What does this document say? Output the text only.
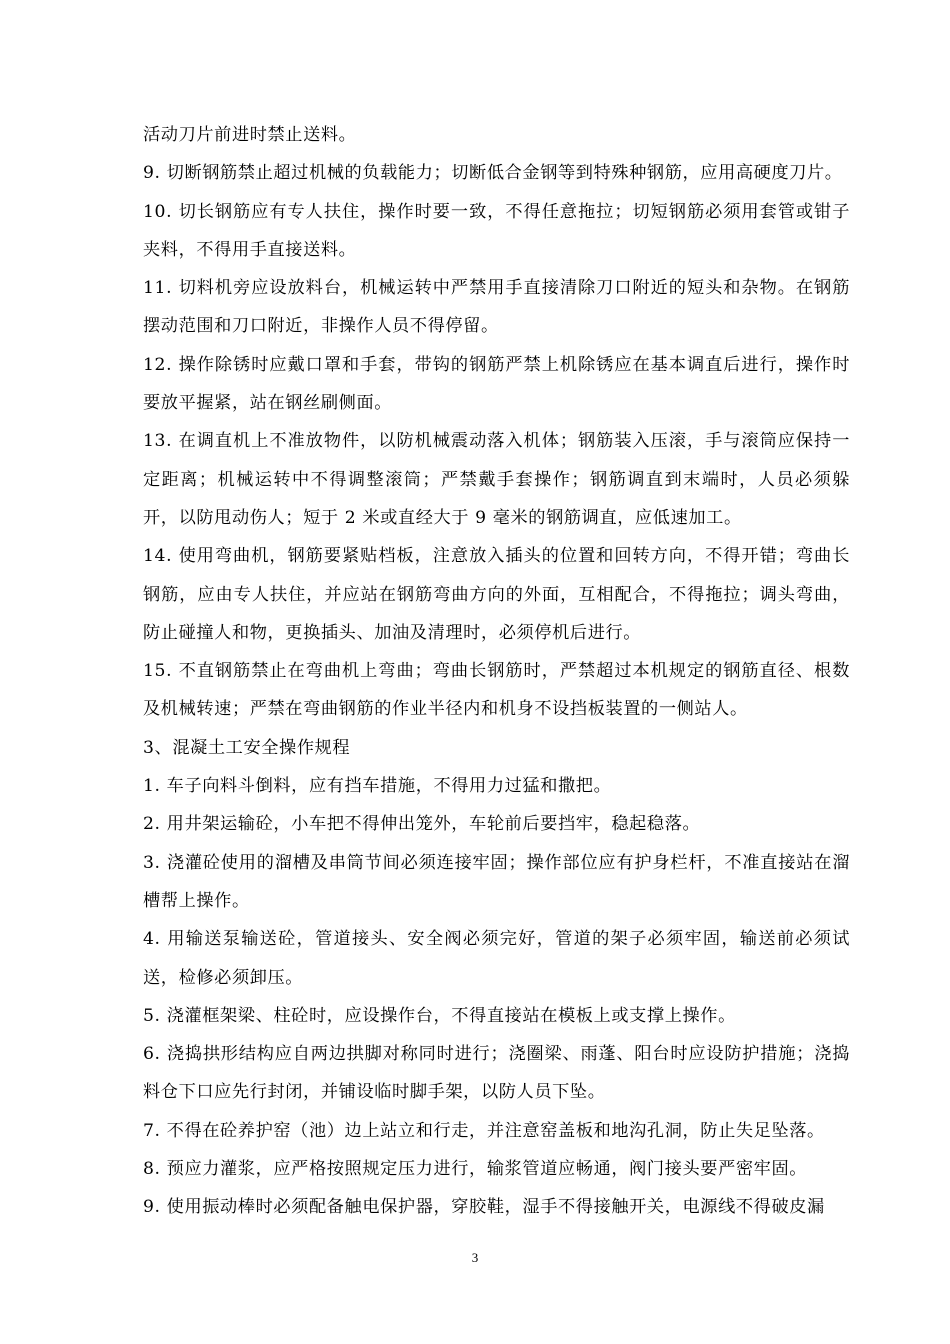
活动刀片前进时禁止送料。

9. 切断钢筋禁止超过机械的负载能力；切断低合金钢等到特殊种钢筋，应用高硬度刀片。

10. 切长钢筋应有专人扶住，操作时要一致，不得任意拖拉；切短钢筋必须用套管或钳子夹料，不得用手直接送料。

11. 切料机旁应设放料台，机械运转中严禁用手直接清除刀口附近的短头和杂物。在钢筋摆动范围和刀口附近，非操作人员不得停留。

12. 操作除锈时应戴口罩和手套，带钩的钢筋严禁上机除锈应在基本调直后进行，操作时要放平握紧，站在钢丝刷侧面。

13. 在调直机上不准放物件，以防机械震动落入机体；钢筋装入压滚，手与滚筒应保持一定距离；机械运转中不得调整滚筒；严禁戴手套操作；钢筋调直到末端时，人员必须躲开，以防甩动伤人；短于 2 米或直经大于 9 毫米的钢筋调直，应低速加工。

14. 使用弯曲机，钢筋要紧贴档板，注意放入插头的位置和回转方向，不得开错；弯曲长钢筋，应由专人扶住，并应站在钢筋弯曲方向的外面，互相配合，不得拖拉；调头弯曲，防止碰撞人和物，更换插头、加油及清理时，必须停机后进行。

15. 不直钢筋禁止在弯曲机上弯曲；弯曲长钢筋时，严禁超过本机规定的钢筋直径、根数及机械转速；严禁在弯曲钢筋的作业半径内和机身不设挡板装置的一侧站人。

3、混凝土工安全操作规程

1. 车子向料斗倒料，应有挡车措施，不得用力过猛和撒把。

2. 用井架运输砼，小车把不得伸出笼外，车轮前后要挡牢，稳起稳落。

3. 浇灌砼使用的溜槽及串筒节间必须连接牢固；操作部位应有护身栏杆，不准直接站在溜槽帮上操作。

4. 用输送泵输送砼，管道接头、安全阀必须完好，管道的架子必须牢固，输送前必须试送，检修必须卸压。

5. 浇灌框架梁、柱砼时，应设操作台，不得直接站在模板上或支撑上操作。

6. 浇捣拱形结构应自两边拱脚对称同时进行；浇圈梁、雨蓬、阳台时应设防护措施；浇捣料仓下口应先行封闭，并铺设临时脚手架，以防人员下坠。

7. 不得在砼养护窑（池）边上站立和行走，并注意窑盖板和地沟孔洞，防止失足坠落。

8. 预应力灌浆，应严格按照规定压力进行，输浆管道应畅通，阀门接头要严密牢固。

9. 使用振动棒时必须配备触电保护器，穿胶鞋，湿手不得接触开关，电源线不得破皮漏

3
